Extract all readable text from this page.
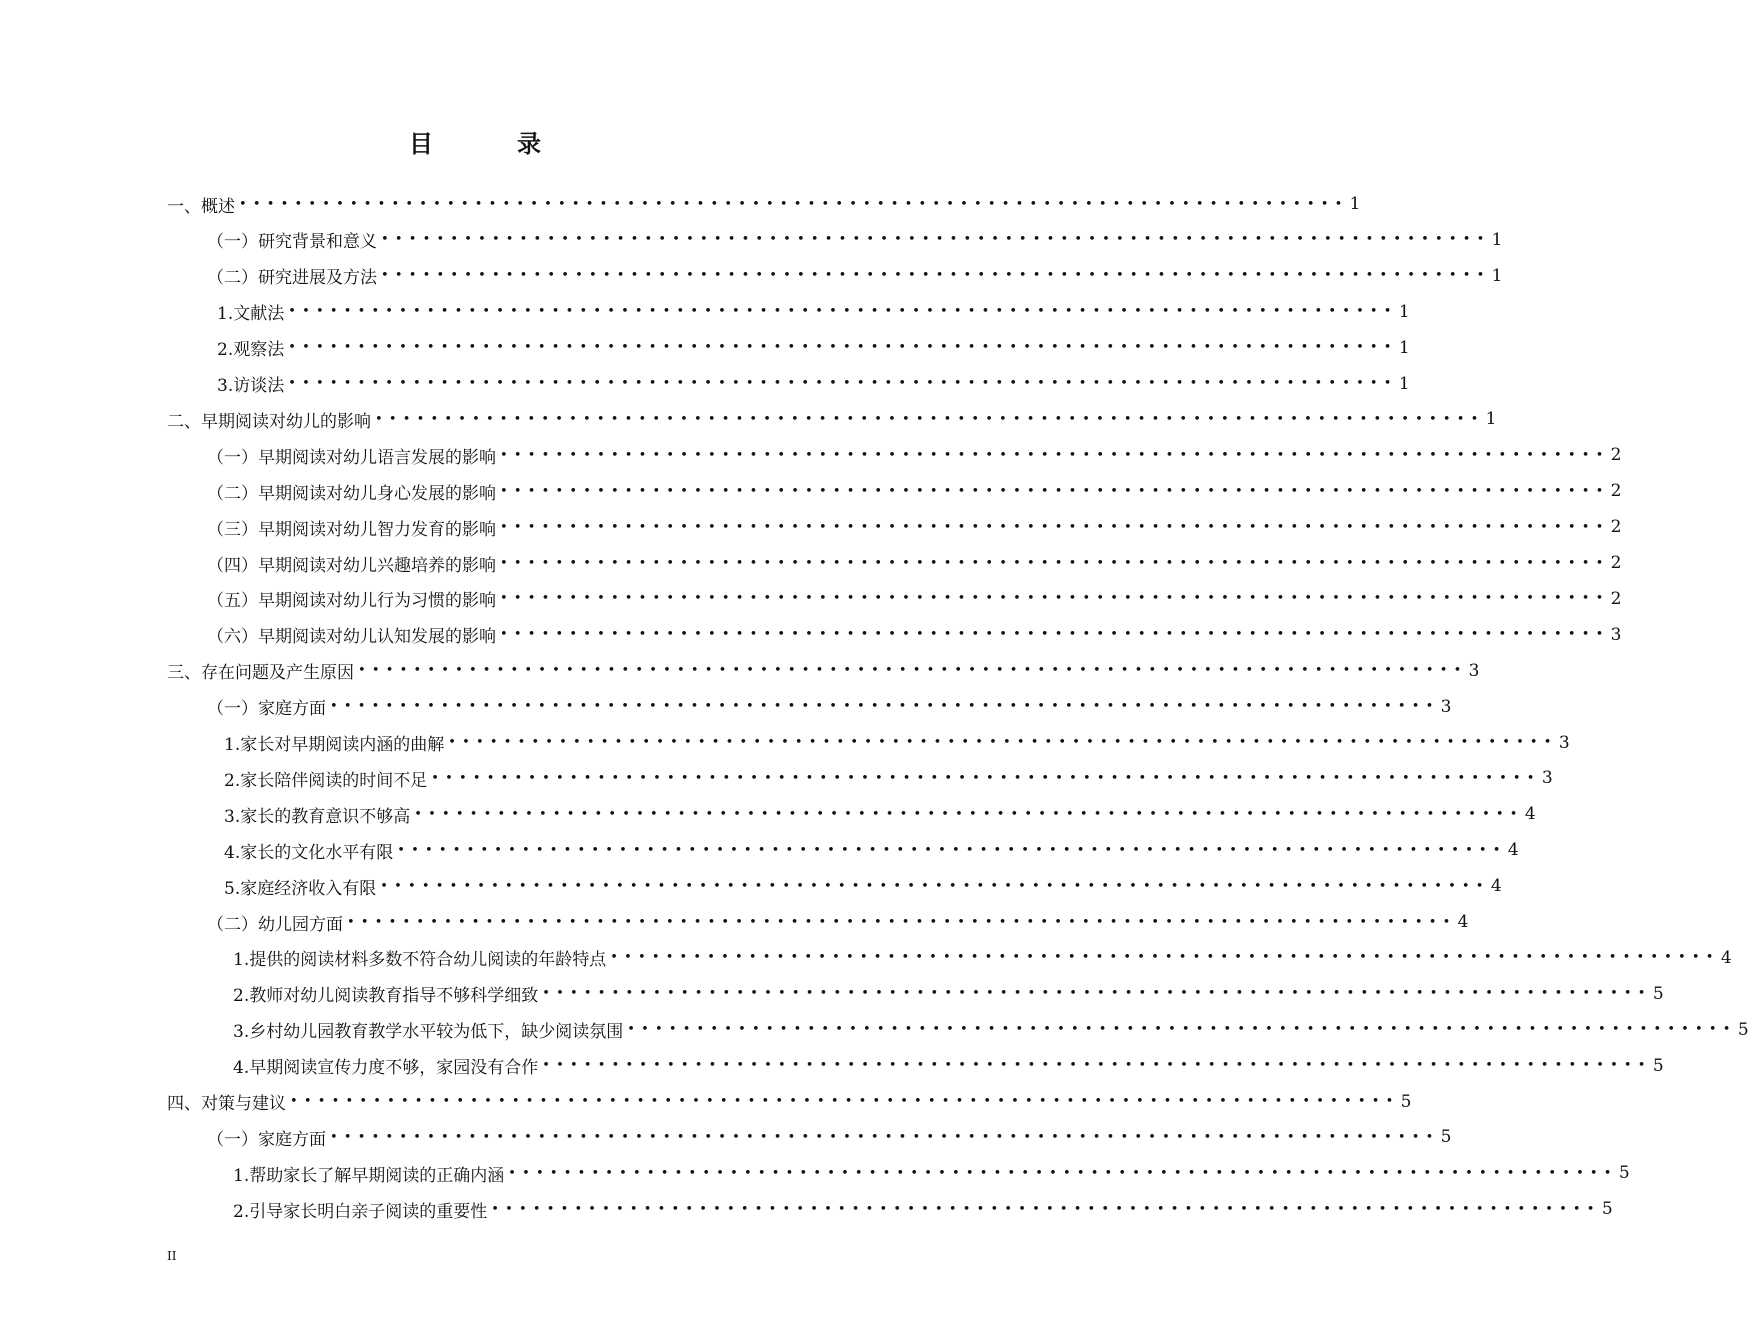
目　录
一、概述 •••••••••••••••••••••••••••••••••••••••••••••••••••••••••••••••••••••••••••••••• 1
（一）研究背景和意义 •••••••••••••••••••••••••••••••••••••••••••••••••••••••••••••••••••••••••••••••• 1
（二）研究进展及方法 •••••••••••••••••••••••••••••••••••••••••••••••••••••••••••••••••••••••••••••••• 1
1.文献法 •••••••••••••••••••••••••••••••••••••••••••••••••••••••••••••••••••••••••••••••• 1
2.观察法 •••••••••••••••••••••••••••••••••••••••••••••••••••••••••••••••••••••••••••••••• 1
3.访谈法 •••••••••••••••••••••••••••••••••••••••••••••••••••••••••••••••••••••••••••••••• 1
二、早期阅读对幼儿的影响 •••••••••••••••••••••••••••••••••••••••••••••••••••••••••••••••••••••••••••••••• 1
（一）早期阅读对幼儿语言发展的影响 •••••••••••••••••••••••••••••••••••••••••••••••••••••••••••••••••••••••••••••••• 2
（二）早期阅读对幼儿身心发展的影响 •••••••••••••••••••••••••••••••••••••••••••••••••••••••••••••••••••••••••••••••• 2
（三）早期阅读对幼儿智力发育的影响 •••••••••••••••••••••••••••••••••••••••••••••••••••••••••••••••••••••••••••••••• 2
（四）早期阅读对幼儿兴趣培养的影响 •••••••••••••••••••••••••••••••••••••••••••••••••••••••••••••••••••••••••••••••• 2
（五）早期阅读对幼儿行为习惯的影响 •••••••••••••••••••••••••••••••••••••••••••••••••••••••••••••••••••••••••••••••• 2
（六）早期阅读对幼儿认知发展的影响 •••••••••••••••••••••••••••••••••••••••••••••••••••••••••••••••••••••••••••••••• 3
三、存在问题及产生原因 •••••••••••••••••••••••••••••••••••••••••••••••••••••••••••••••••••••••••••••••• 3
（一）家庭方面 •••••••••••••••••••••••••••••••••••••••••••••••••••••••••••••••••••••••••••••••• 3
1.家长对早期阅读内涵的曲解 •••••••••••••••••••••••••••••••••••••••••••••••••••••••••••••••••••••••••••••••• 3
2.家长陪伴阅读的时间不足 •••••••••••••••••••••••••••••••••••••••••••••••••••••••••••••••••••••••••••••••• 3
3.家长的教育意识不够高 •••••••••••••••••••••••••••••••••••••••••••••••••••••••••••••••••••••••••••••••• 4
4.家长的文化水平有限 •••••••••••••••••••••••••••••••••••••••••••••••••••••••••••••••••••••••••••••••• 4
5.家庭经济收入有限 •••••••••••••••••••••••••••••••••••••••••••••••••••••••••••••••••••••••••••••••• 4
（二）幼儿园方面 •••••••••••••••••••••••••••••••••••••••••••••••••••••••••••••••••••••••••••••••• 4
1.提供的阅读材料多数不符合幼儿阅读的年龄特点 •••••••••••••••••••••••••••••••••••••••••••••••••••••••••••••••••••••••••••••••• 4
2.教师对幼儿阅读教育指导不够科学细致 •••••••••••••••••••••••••••••••••••••••••••••••••••••••••••••••••••••••••••••••• 5
3.乡村幼儿园教育教学水平较为低下，缺少阅读氛围 •••••••••••••••••••••••••••••••••••••••••••••••••••••••••••••••••••••••••••••••• 5
4.早期阅读宣传力度不够，家园没有合作 •••••••••••••••••••••••••••••••••••••••••••••••••••••••••••••••••••••••••••••••• 5
四、对策与建议 •••••••••••••••••••••••••••••••••••••••••••••••••••••••••••••••••••••••••••••••• 5
（一）家庭方面 •••••••••••••••••••••••••••••••••••••••••••••••••••••••••••••••••••••••••••••••• 5
1.帮助家长了解早期阅读的正确内涵 •••••••••••••••••••••••••••••••••••••••••••••••••••••••••••••••••••••••••••••••• 5
2.引导家长明白亲子阅读的重要性 •••••••••••••••••••••••••••••••••••••••••••••••••••••••••••••••••••••••••••••••• 5
II
